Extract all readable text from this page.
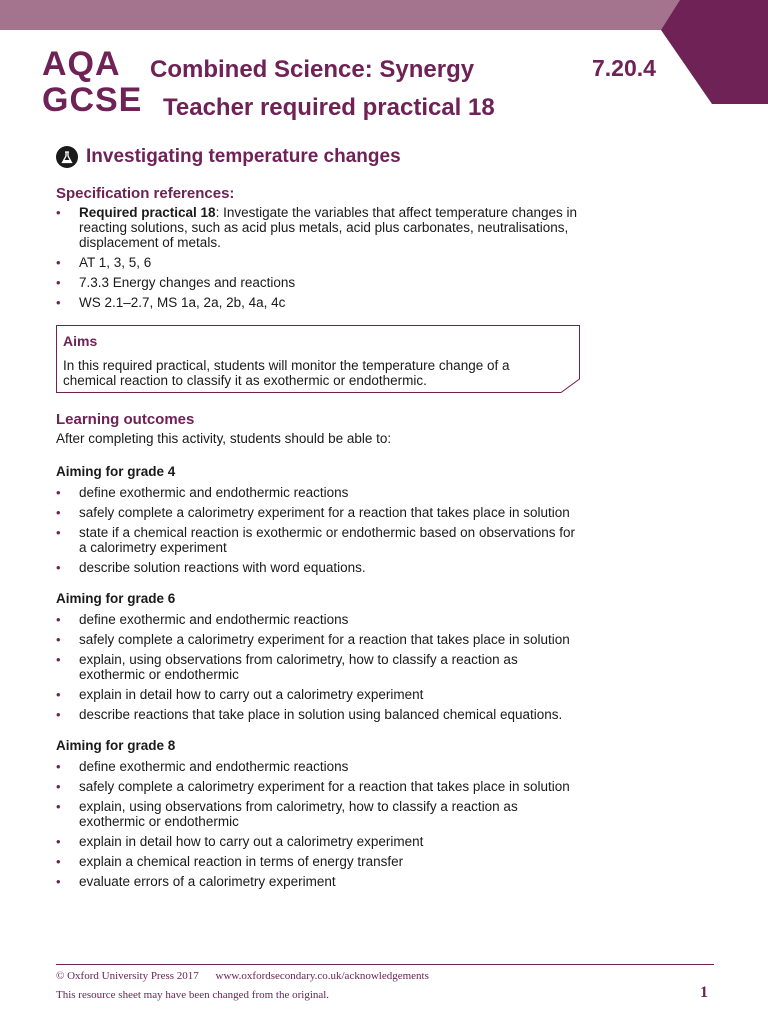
AQA
GCSE
Combined Science: Synergy
Teacher required practical 18
7.20.4
Investigating temperature changes
Specification references:
• Required practical 18: Investigate the variables that affect temperature changes in reacting solutions, such as acid plus metals, acid plus carbonates, neutralisations, displacement of metals.
• AT 1, 3, 5, 6
• 7.3.3 Energy changes and reactions
• WS 2.1–2.7, MS 1a, 2a, 2b, 4a, 4c
Aims
In this required practical, students will monitor the temperature change of a chemical reaction to classify it as exothermic or endothermic.
Learning outcomes
After completing this activity, students should be able to:
Aiming for grade 4
• define exothermic and endothermic reactions
• safely complete a calorimetry experiment for a reaction that takes place in solution
• state if a chemical reaction is exothermic or endothermic based on observations for a calorimetry experiment
• describe solution reactions with word equations.
Aiming for grade 6
• define exothermic and endothermic reactions
• safely complete a calorimetry experiment for a reaction that takes place in solution
• explain, using observations from calorimetry, how to classify a reaction as exothermic or endothermic
• explain in detail how to carry out a calorimetry experiment
• describe reactions that take place in solution using balanced chemical equations.
Aiming for grade 8
• define exothermic and endothermic reactions
• safely complete a calorimetry experiment for a reaction that takes place in solution
• explain, using observations from calorimetry, how to classify a reaction as exothermic or endothermic
• explain in detail how to carry out a calorimetry experiment
• explain a chemical reaction in terms of energy transfer
• evaluate errors of a calorimetry experiment
© Oxford University Press 2017 www.oxfordsecondary.co.uk/acknowledgements
This resource sheet may have been changed from the original.	1
